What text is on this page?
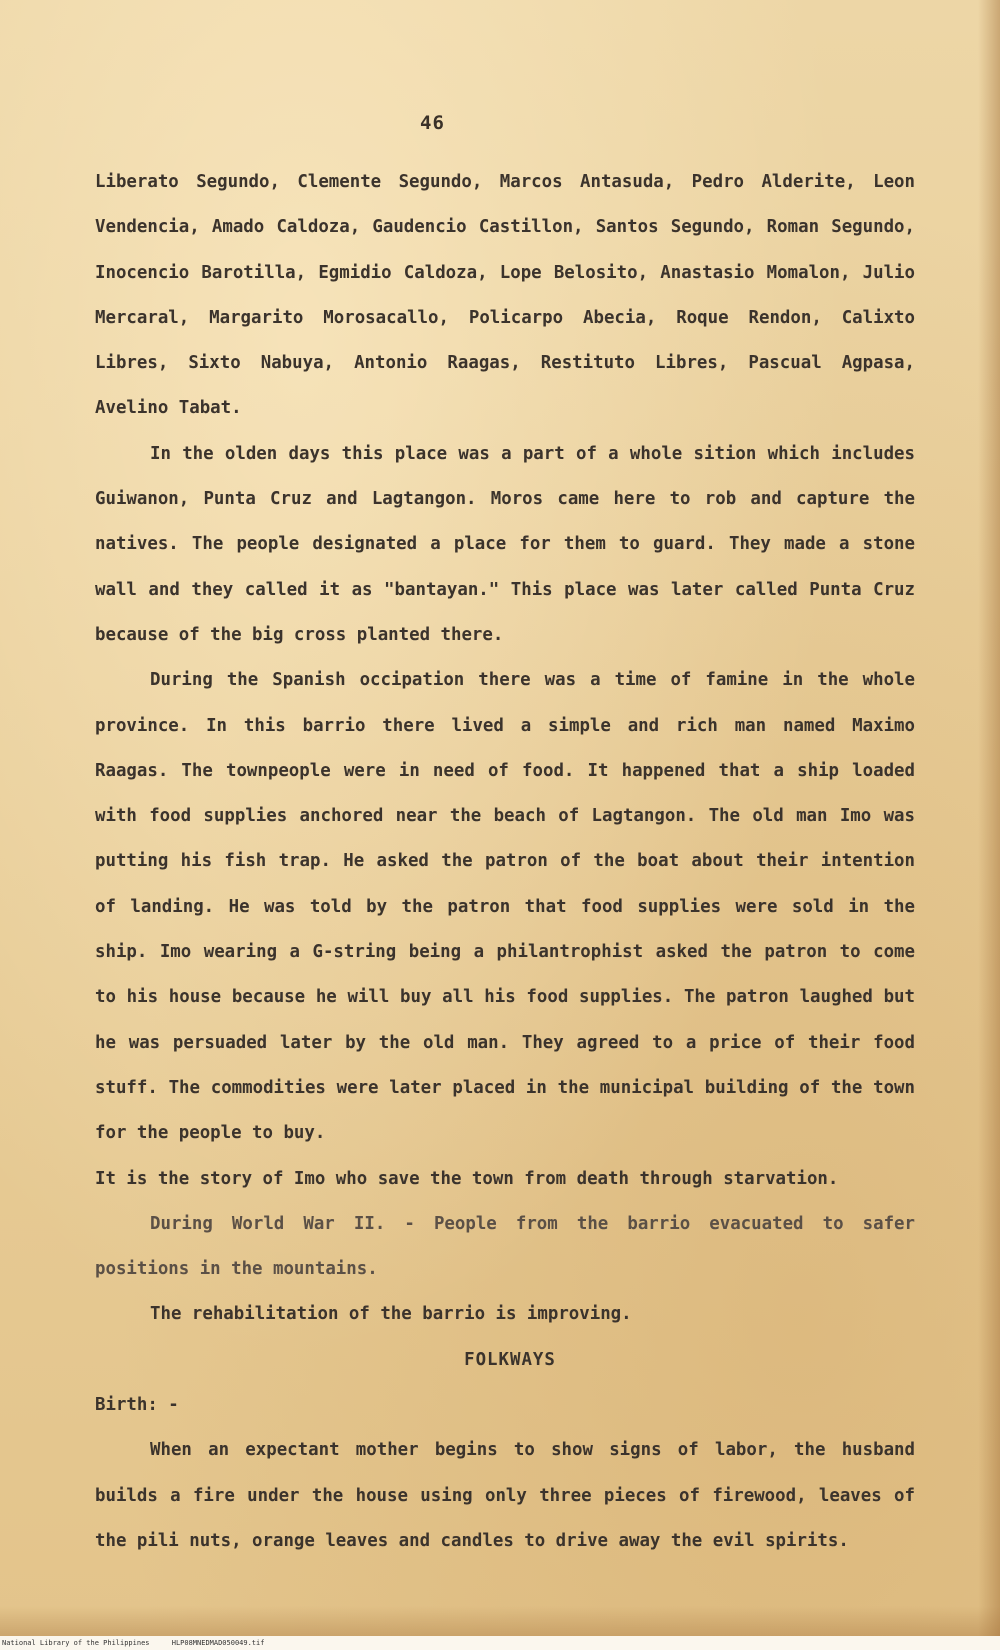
46

Liberato Segundo, Clemente Segundo, Marcos Antasuda, Pedro Alderite, Leon Vendencia, Amado Caldoza, Gaudencio Castillon, Santos Segundo, Roman Segundo, Inocencio Barotilla, Egmidio Caldoza, Lope Belosito, Anastasio Momalon, Julio Mercaral, Margarito Morosacallo, Policarpo Abecia, Roque Rendon, Calixto Libres, Sixto Nabuya, Antonio Raagas, Restituto Libres, Pascual Agpasa, Avelino Tabat.

In the olden days this place was a part of a whole sition which includes Guiwanon, Punta Cruz and Lagtangon. Moros came here to rob and capture the natives. The people designated a place for them to guard. They made a stone wall and they called it as "bantayan." This place was later called Punta Cruz because of the big cross planted there.

During the Spanish occipation there was a time of famine in the whole province. In this barrio there lived a simple and rich man named Maximo Raagas. The townpeople were in need of food. It happened that a ship loaded with food supplies anchored near the beach of Lagtangon. The old man Imo was putting his fish trap. He asked the patron of the boat about their intention of landing. He was told by the patron that food supplies were sold in the ship. Imo wearing a G-string being a philantrophist asked the patron to come to his house because he will buy all his food supplies. The patron laughed but he was persuaded later by the old man. They agreed to a price of their food stuff. The commodities were later placed in the municipal building of the town for the people to buy.

It is the story of Imo who save the town from death through starvation.

During World War II. - People from the barrio evacuated to safer positions in the mountains.

The rehabilitation of the barrio is improving.

FOLKWAYS

Birth: -

When an expectant mother begins to show signs of labor, the husband builds a fire under the house using only three pieces of firewood, leaves of the pili nuts, orange leaves and candles to drive away the evil spirits.

National Library of the Philippines	HLP08MNEDMAD050049.tif
